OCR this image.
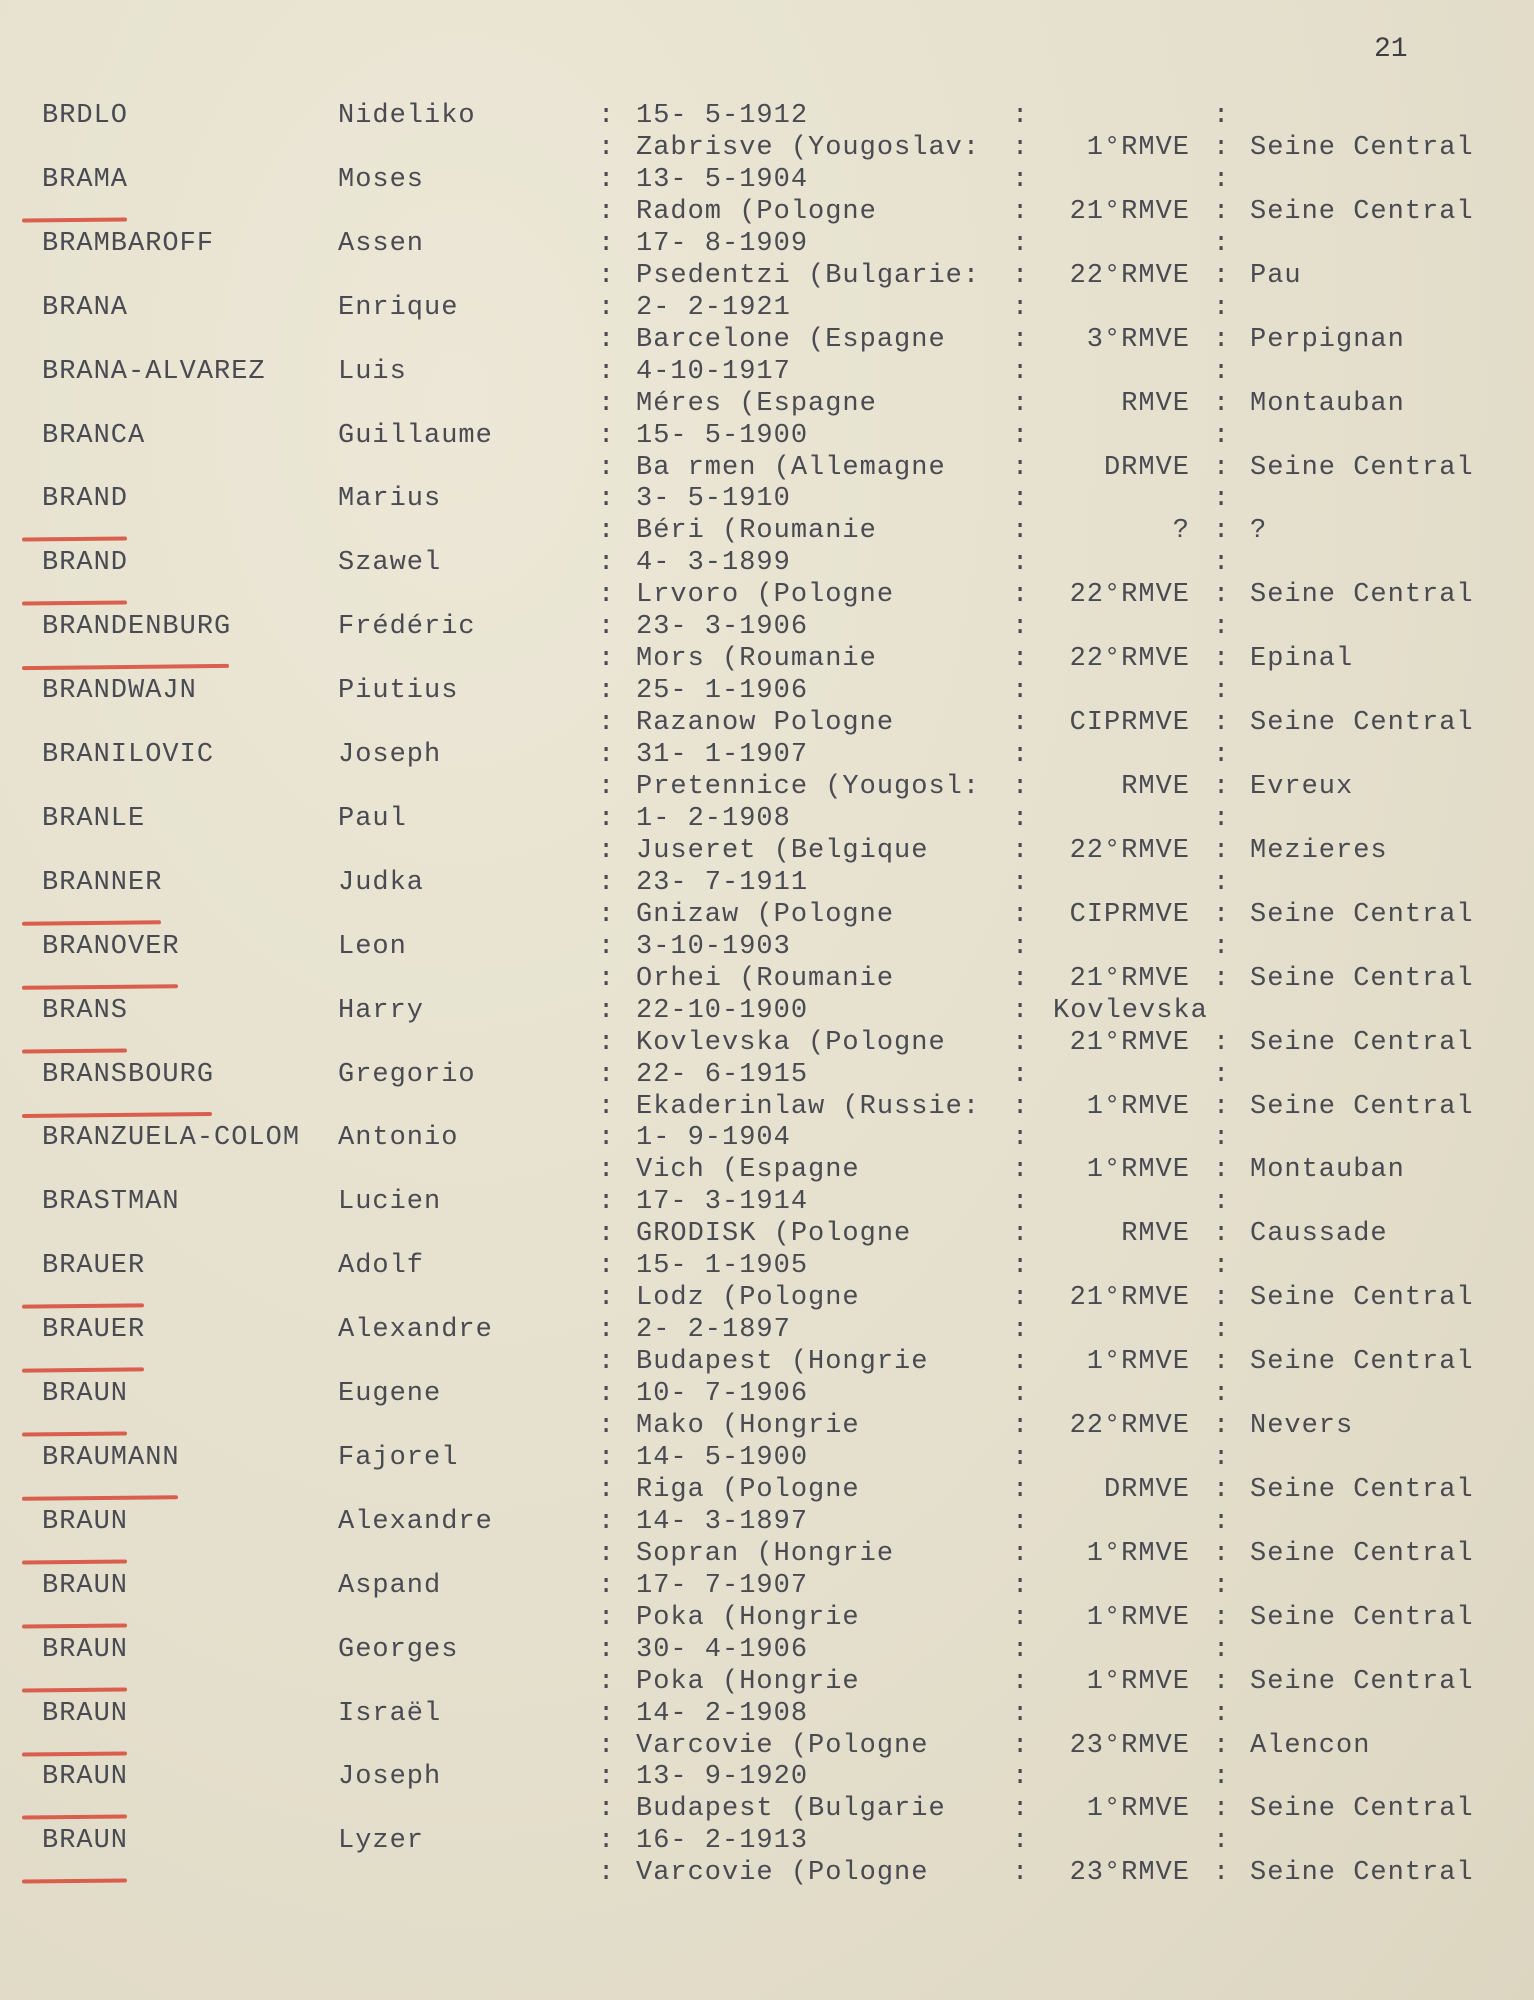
21
BRDLO	Nideliko	: 15- 5-1912	:	:
: Zabrisve (Yougoslav: :	1°RMVE : Seine Central
BRAMA	Moses	: 13- 5-1904	:	:
: Radom (Pologne	:	21°RMVE : Seine Central
BRAMBAROFF	Assen	: 17- 8-1909	:	:
: Psedentzi (Bulgarie: :	22°RMVE : Pau
BRANA	Enrique	: 2- 2-1921	:	:
: Barcelone (Espagne :	3°RMVE : Perpignan
BRANA-ALVAREZ	Luis	: 4-10-1917	:	:
: Méres (Espagne	:	RMVE : Montauban
BRANCA	Guillaume	: 15- 5-1900	:	:
: Ba rmen (Allemagne :	DRMVE : Seine Central
BRAND	Marius	: 3- 5-1910	:	:
: Béri (Roumanie	:	? : ?
BRAND	Szawel	: 4- 3-1899	:	:
: Lrvoro (Pologne	:	22°RMVE : Seine Central
BRANDENBURG	Frédéric	: 23- 3-1906	:	:
: Mors (Roumanie	:	22°RMVE : Epinal
BRANDWAJN	Piutius	: 25- 1-1906	:	:
: Razanow Pologne	:	CIPRMVE : Seine Central
BRANILOVIC	Joseph	: 31- 1-1907	:	:
: Pretennice (Yougosl: :	RMVE : Evreux
BRANLE	Paul	: 1- 2-1908	:	:
: Juseret (Belgique	:	22°RMVE : Mezieres
BRANNER	Judka	: 23- 7-1911	:	:
: Gnizaw (Pologne	:	CIPRMVE : Seine Central
BRANOVER	Leon	: 3-10-1903	:	:
: Orhei (Roumanie	:	21°RMVE : Seine Central
BRANS	Harry	: 22-10-1900	: Kovlevska
: Kovlevska (Pologne :	21°RMVE : Seine Central
BRANSBOURG	Gregorio	: 22- 6-1915	:	:
: Ekaderinlaw (Russie: :	1°RMVE : Seine Central
BRANZUELA-COLOM Antonio	: 1- 9-1904	:	:
: Vich (Espagne	:	1°RMVE : Montauban
BRASTMAN	Lucien	: 17- 3-1914	:	:
: GRODISK (Pologne	:	RMVE : Caussade
BRAUER	Adolf	: 15- 1-1905	:	:
: Lodz (Pologne	:	21°RMVE : Seine Central
BRAUER	Alexandre	: 2- 2-1897	:	:
: Budapest (Hongrie	:	1°RMVE : Seine Central
BRAUN	Eugene	: 10- 7-1906	:	:
: Mako (Hongrie	:	22°RMVE : Nevers
BRAUMANN	Fajorel	: 14- 5-1900	:	:
: Riga (Pologne	:	DRMVE : Seine Central
BRAUN	Alexandre	: 14- 3-1897	:	:
: Sopran (Hongrie	:	1°RMVE : Seine Central
BRAUN	Aspand	: 17- 7-1907	:	:
: Poka (Hongrie	:	1°RMVE : Seine Central
BRAUN	Georges	: 30- 4-1906	:	:
: Poka (Hongrie	:	1°RMVE : Seine Central
BRAUN	Israël	: 14- 2-1908	:	:
: Varcovie (Pologne	:	23°RMVE : Alencon
BRAUN	Joseph	: 13- 9-1920	:	:
: Budapest (Bulgarie :	1°RMVE : Seine Central
BRAUN	Lyzer	: 16- 2-1913	:	:
: Varcovie (Pologne	:	23°RMVE : Seine Central
